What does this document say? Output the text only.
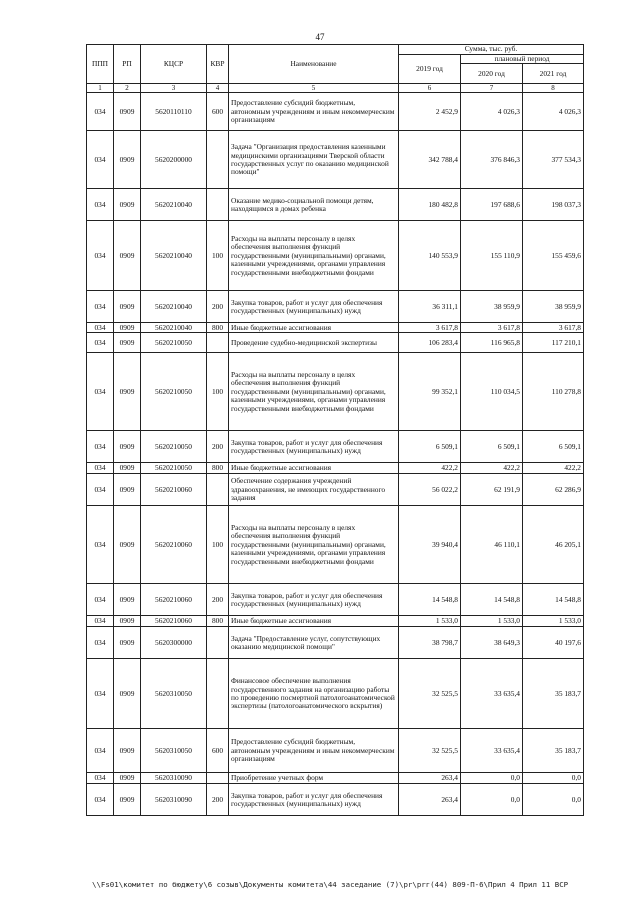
47
ППП	РП	КЦСР	КВР	Наименование	Сумма, тыс. руб.		
					2019 год	плановый период	
						2020 год	2021 год
1	2	3	4	5	6	7	8
034	0909	5620110110	600	Предоставление субсидий бюджетным, автономным учреждениям и иным некоммерческим организациям	2 452,9	4 026,3	4 026,3
034	0909	5620200000		Задача "Организация предоставления казенными медицинскими организациями Тверской области государственных услуг по оказанию медицинской помощи"	342 788,4	376 846,3	377 534,3
034	0909	5620210040		Оказание медико-социальной помощи детям, находящимся в домах ребенка	180 482,8	197 688,6	198 037,3
034	0909	5620210040	100	Расходы на выплаты персоналу в целях обеспечения выполнения функций государственными (муниципальными) органами, казенными учреждениями, органами управления государственными внебюджетными фондами	140 553,9	155 110,9	155 459,6
034	0909	5620210040	200	Закупка товаров, работ и услуг для обеспечения государственных (муниципальных) нужд	36 311,1	38 959,9	38 959,9
034	0909	5620210040	800	Иные бюджетные ассигнования	3 617,8	3 617,8	3 617,8
034	0909	5620210050		Проведение судебно-медицинской экспертизы	106 283,4	116 965,8	117 210,1
034	0909	5620210050	100	Расходы на выплаты персоналу в целях обеспечения выполнения функций государственными (муниципальными) органами, казенными учреждениями, органами управления государственными внебюджетными фондами	99 352,1	110 034,5	110 278,8
034	0909	5620210050	200	Закупка товаров, работ и услуг для обеспечения государственных (муниципальных) нужд	6 509,1	6 509,1	6 509,1
034	0909	5620210050	800	Иные бюджетные ассигнования	422,2	422,2	422,2
034	0909	5620210060		Обеспечение содержания учреждений здравоохранения, не имеющих государственного задания	56 022,2	62 191,9	62 286,9
034	0909	5620210060	100	Расходы на выплаты персоналу в целях обеспечения выполнения функций государственными (муниципальными) органами, казенными учреждениями, органами управления государственными внебюджетными фондами	39 940,4	46 110,1	46 205,1
034	0909	5620210060	200	Закупка товаров, работ и услуг для обеспечения государственных (муниципальных) нужд	14 548,8	14 548,8	14 548,8
034	0909	5620210060	800	Иные бюджетные ассигнования	1 533,0	1 533,0	1 533,0
034	0909	5620300000		Задача "Предоставление услуг, сопутствующих оказанию медицинской помощи"	38 798,7	38 649,3	40 197,6
034	0909	5620310050		Финансовое обеспечение выполнения государственного задания на организацию работы по проведению посмертной патологоанатомической экспертизы (патологоанатомического вскрытия)	32 525,5	33 635,4	35 183,7
034	0909	5620310050	600	Предоставление субсидий бюджетным, автономным учреждениям и иным некоммерческим организациям	32 525,5	33 635,4	35 183,7
034	0909	5620310090		Приобретение учетных форм	263,4	0,0	0,0
034	0909	5620310090	200	Закупка товаров, работ и услуг для обеспечения государственных (муниципальных) нужд	263,4	0,0	0,0
\\Fs01\комитет по бюджету\6 созыв\Документы комитета\44 заседание (7)\pr\prг(44) 809-П-6\Прил 4 Прил 11 ВСР
